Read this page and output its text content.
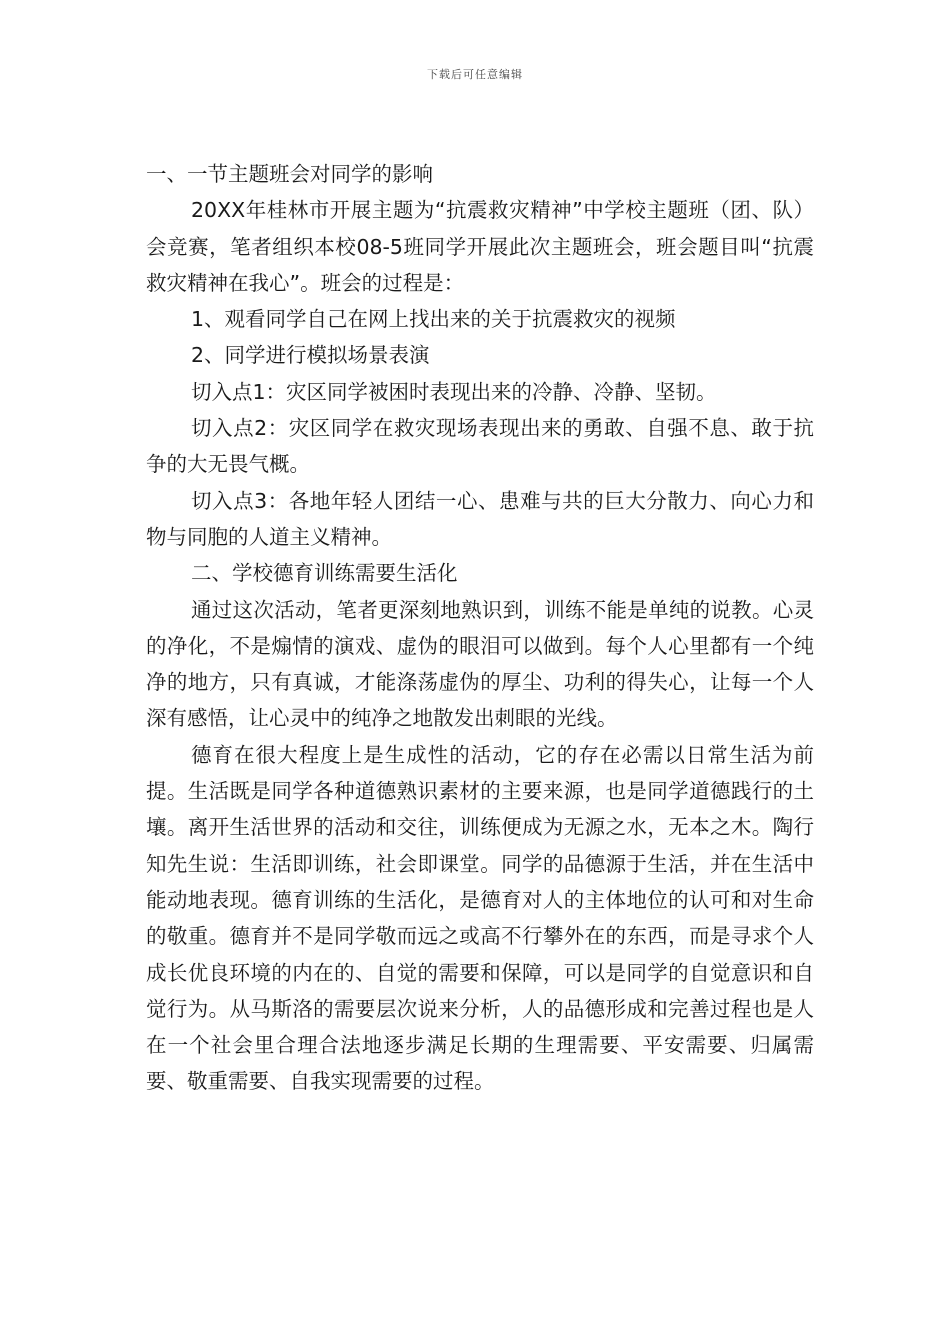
下载后可任意编辑

一、一节主题班会对同学的影响

20XX年桂林市开展主题为“抗震救灾精神”中学校主题班（团、队）会竞赛，笔者组织本校08-5班同学开展此次主题班会，班会题目叫“抗震救灾精神在我心”。班会的过程是：

1、观看同学自己在网上找出来的关于抗震救灾的视频

2、同学进行模拟场景表演

切入点1：灾区同学被困时表现出来的冷静、冷静、坚韧。

切入点2：灾区同学在救灾现场表现出来的勇敢、自强不息、敢于抗争的大无畏气概。

切入点3：各地年轻人团结一心、患难与共的巨大分散力、向心力和物与同胞的人道主义精神。

二、学校德育训练需要生活化

通过这次活动，笔者更深刻地熟识到，训练不能是单纯的说教。心灵的净化，不是煽情的演戏、虚伪的眼泪可以做到。每个人心里都有一个纯净的地方，只有真诚，才能涤荡虚伪的厚尘、功利的得失心，让每一个人深有感悟，让心灵中的纯净之地散发出刺眼的光线。

德育在很大程度上是生成性的活动，它的存在必需以日常生活为前提。生活既是同学各种道德熟识素材的主要来源，也是同学道德践行的土壤。离开生活世界的活动和交往，训练便成为无源之水，无本之木。陶行知先生说：生活即训练，社会即课堂。同学的品德源于生活，并在生活中能动地表现。德育训练的生活化，是德育对人的主体地位的认可和对生命的敬重。德育并不是同学敬而远之或高不行攀外在的东西，而是寻求个人成长优良环境的内在的、自觉的需要和保障，可以是同学的自觉意识和自觉行为。从马斯洛的需要层次说来分析，人的品德形成和完善过程也是人在一个社会里合理合法地逐步满足长期的生理需要、平安需要、归属需要、敬重需要、自我实现需要的过程。
